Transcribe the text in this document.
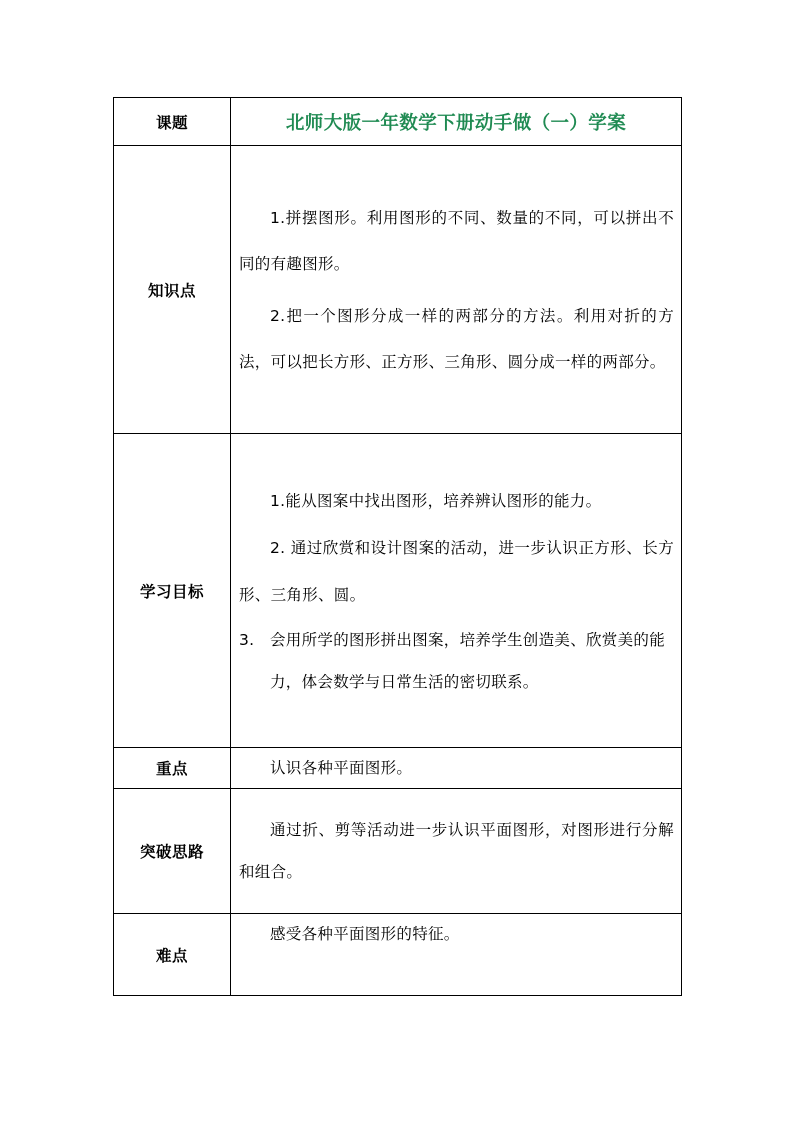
课题	北师大版一年数学下册动手做（一）学案
知识点	1.拼摆图形。利用图形的不同、数量的不同，可以拼出不同的有趣图形。

2.把一个图形分成一样的两部分的方法。利用对折的方法，可以把长方形、正方形、三角形、圆分成一样的两部分。

学习目标	1.能从图案中找出图形，培养辨认图形的能力。

2. 通过欣赏和设计图案的活动，进一步认识正方形、长方形、三角形、圆。

3. 会用所学的图形拼出图案，培养学生创造美、欣赏美的能力，体会数学与日常生活的密切联系。

重点	认识各种平面图形。

突破思路	通过折、剪等活动进一步认识平面图形，对图形进行分解和组合。

难点	感受各种平面图形的特征。
